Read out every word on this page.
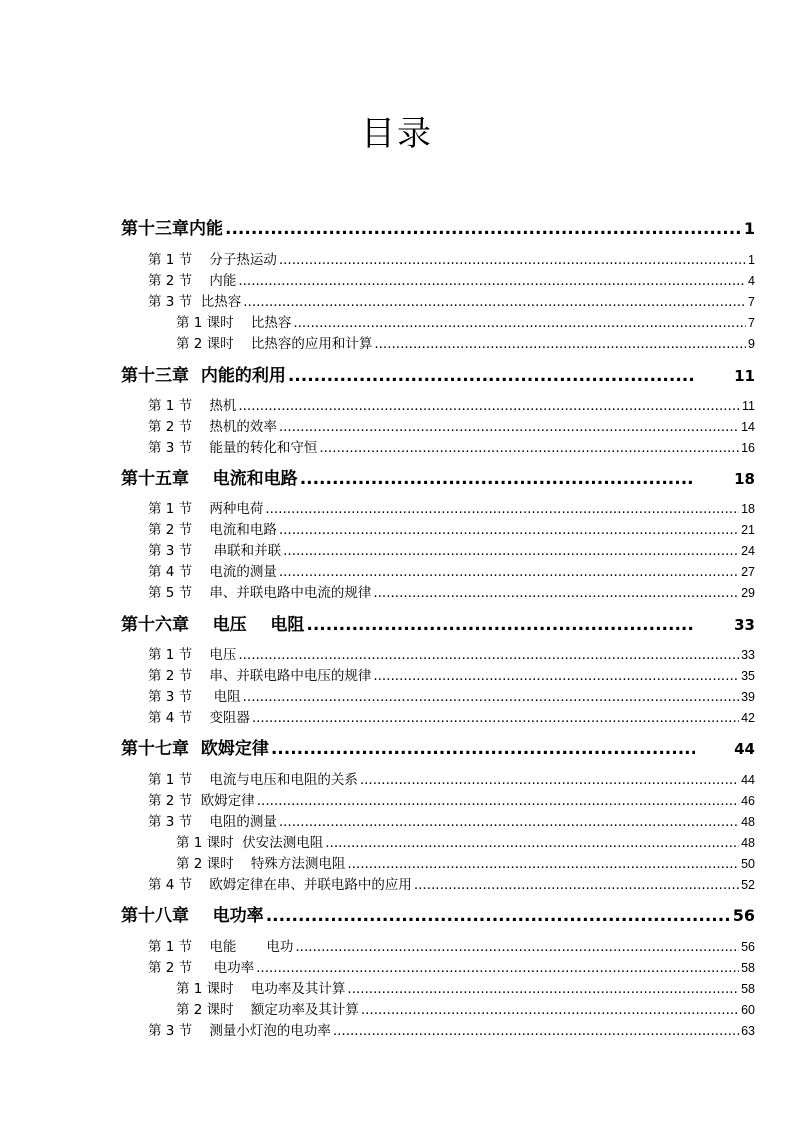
目录
第十三章内能 .....	1
第 1 节    分子热运动 .....	1
第 2 节    内能 .....	4
第 3 节  比热容 .....	7
第 1 课时    比热容 .....	7
第 2 课时    比热容的应用和计算 .....	9
第十三章  内能的利用 .....	11
第 1 节    热机 .....	11
第 2 节    热机的效率 .....	14
第 3 节    能量的转化和守恒 .....	16
第十五章    电流和电路 .....	18
第 1 节    两种电荷 .....	18
第 2 节    电流和电路 .....	21
第 3 节     串联和并联 .....	24
第 4 节    电流的测量 .....	27
第 5 节    串、并联电路中电流的规律 .....	29
第十六章    电压    电阻 .....	33
第 1 节    电压 .....	33
第 2 节    串、并联电路中电压的规律 .....	35
第 3 节     电阻 .....	39
第 4 节    变阻器 .....	42
第十七章  欧姆定律 .....	44
第 1 节    电流与电压和电阻的关系 .....	44
第 2 节  欧姆定律 .....	46
第 3 节    电阻的测量 .....	48
第 1 课时  伏安法测电阻 .....	48
第 2 课时    特殊方法测电阻 .....	50
第 4 节    欧姆定律在串、并联电路中的应用 .....	52
第十八章    电功率 .....	56
第 1 节    电能       电功 .....	56
第 2 节     电功率 .....	58
第 1 课时    电功率及其计算 .....	58
第 2 课时    额定功率及其计算 .....	60
第 3 节    测量小灯泡的电功率 .....	63
